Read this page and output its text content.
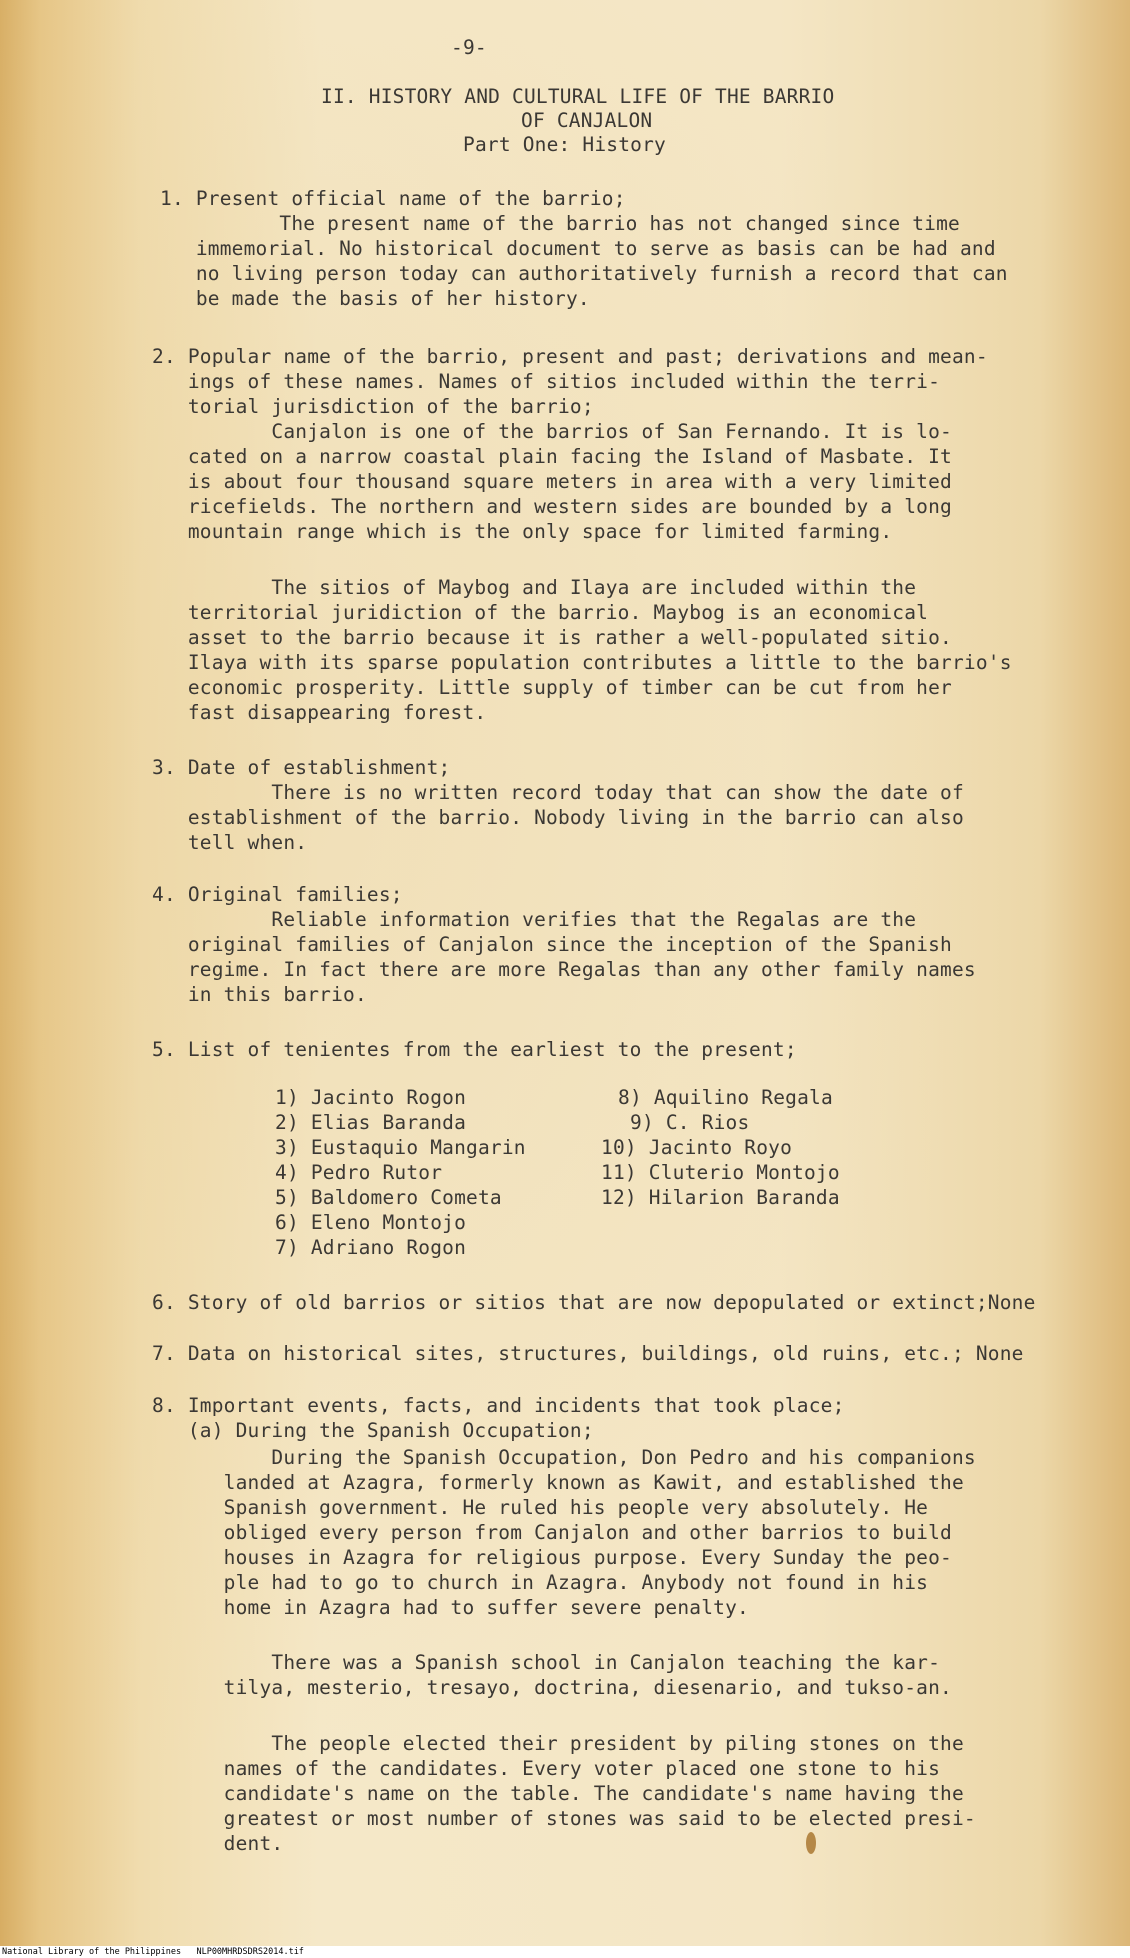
-9-
II. HISTORY AND CULTURAL LIFE OF THE BARRIO
OF CANJALON
Part One: History
1. Present official name of the barrio;
The present name of the barrio has not changed since time
immemorial. No historical document to serve as basis can be had and
no living person today can authoritatively furnish a record that can
be made the basis of her history.
2. Popular name of the barrio, present and past; derivations and mean-
ings of these names. Names of sitios included within the terri-
torial jurisdiction of the barrio;
Canjalon is one of the barrios of San Fernando. It is lo-
cated on a narrow coastal plain facing the Island of Masbate. It
is about four thousand square meters in area with a very limited
ricefields. The northern and western sides are bounded by a long
mountain range which is the only space for limited farming.
The sitios of Maybog and Ilaya are included within the
territorial juridiction of the barrio. Maybog is an economical
asset to the barrio because it is rather a well-populated sitio.
Ilaya with its sparse population contributes a little to the barrio's
economic prosperity. Little supply of timber can be cut from her
fast disappearing forest.
3. Date of establishment;
There is no written record today that can show the date of
establishment of the barrio. Nobody living in the barrio can also
tell when.
4. Original families;
Reliable information verifies that the Regalas are the
original families of Canjalon since the inception of the Spanish
regime. In fact there are more Regalas than any other family names
in this barrio.
5. List of tenientes from the earliest to the present;
1) Jacinto Rogon
2) Elias Baranda
3) Eustaquio Mangarin
4) Pedro Rutor
5) Baldomero Cometa
6) Eleno Montojo
7) Adriano Rogon
8) Aquilino Regala
9) C. Rios
10) Jacinto Royo
11) Cluterio Montojo
12) Hilarion Baranda
6. Story of old barrios or sitios that are now depopulated or extinct;None
7. Data on historical sites, structures, buildings, old ruins, etc.; None
8. Important events, facts, and incidents that took place;
(a) During the Spanish Occupation;
During the Spanish Occupation, Don Pedro and his companions
landed at Azagra, formerly known as Kawit, and established the
Spanish government. He ruled his people very absolutely. He
obliged every person from Canjalon and other barrios to build
houses in Azagra for religious purpose. Every Sunday the peo-
ple had to go to church in Azagra. Anybody not found in his
home in Azagra had to suffer severe penalty.
There was a Spanish school in Canjalon teaching the kar-
tilya, mesterio, tresayo, doctrina, diesenario, and tukso-an.
The people elected their president by piling stones on the
names of the candidates. Every voter placed one stone to his
candidate's name on the table. The candidate's name having the
greatest or most number of stones was said to be elected presi-
dent.
National Library of the Philippines   NLP00MHRDSDRS2014.tif
